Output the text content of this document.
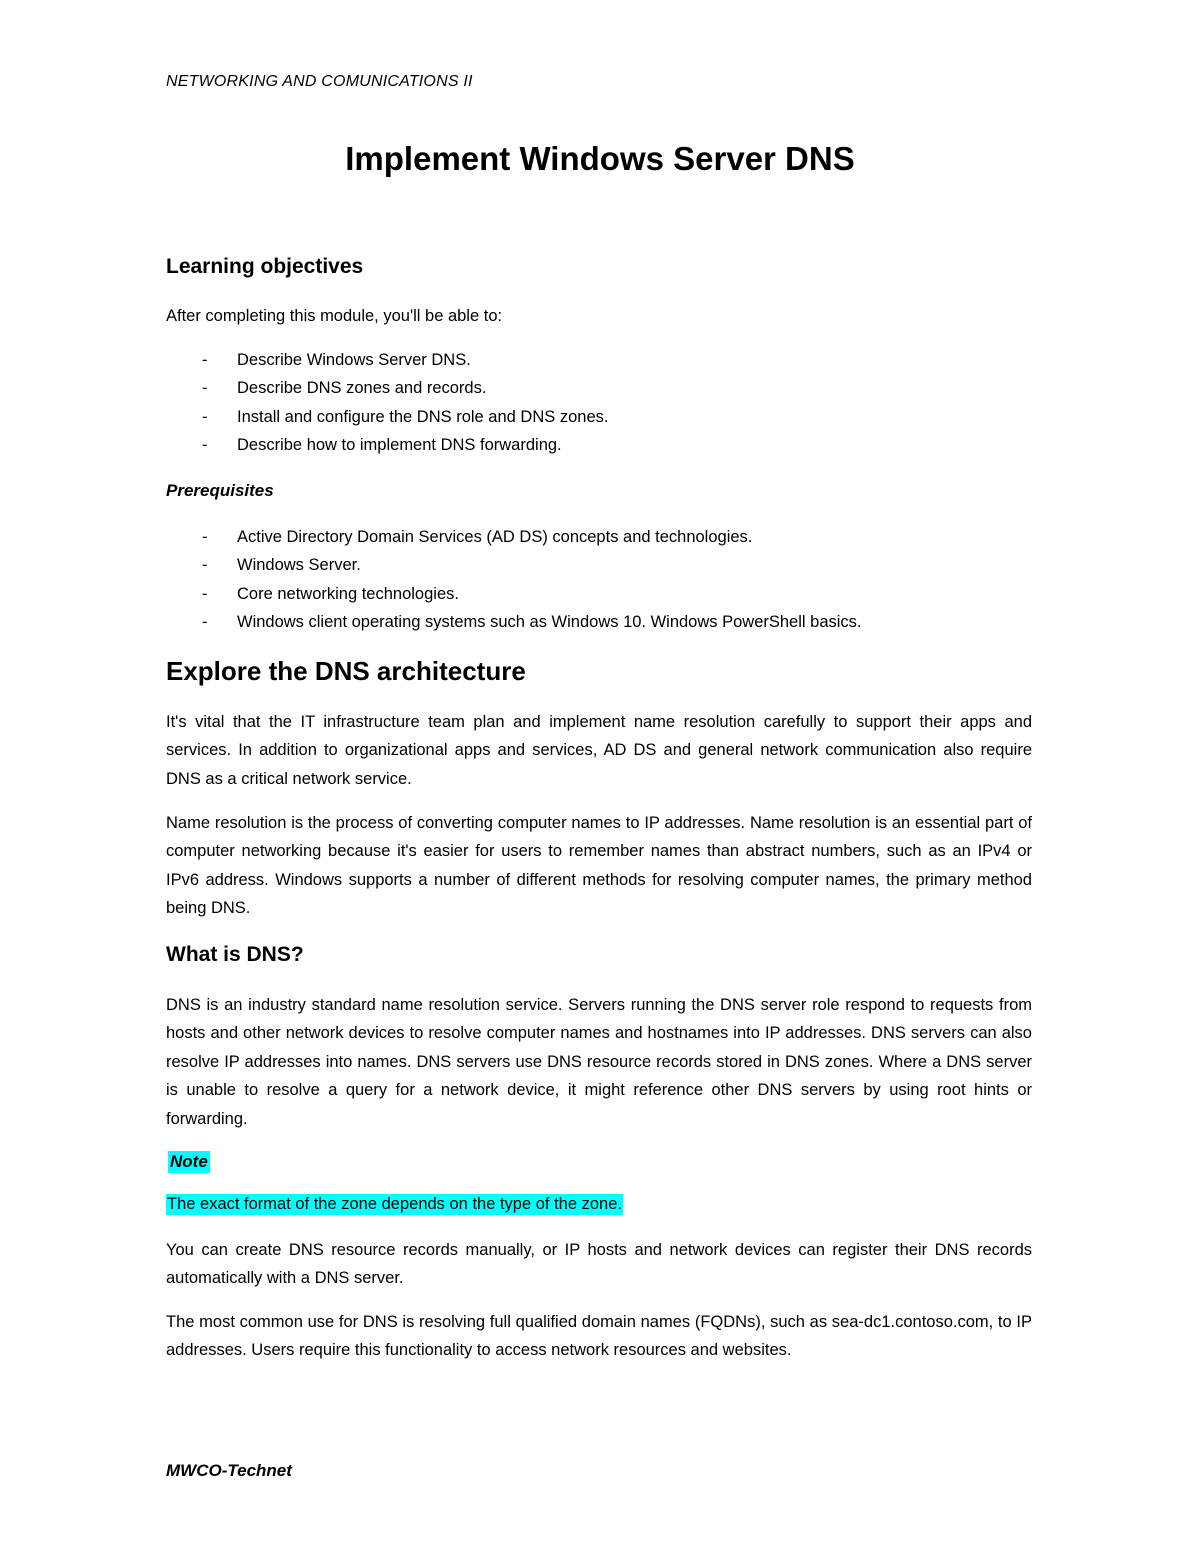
NETWORKING AND COMUNICATIONS II
Implement Windows Server DNS
Learning objectives

After completing this module, you'll be able to:

- Describe Windows Server DNS.
- Describe DNS zones and records.
- Install and configure the DNS role and DNS zones.
- Describe how to implement DNS forwarding.
Prerequisites
- Active Directory Domain Services (AD DS) concepts and technologies.
- Windows Server.
- Core networking technologies.
- Windows client operating systems such as Windows 10. Windows PowerShell basics.
Explore the DNS architecture

It's vital that the IT infrastructure team plan and implement name resolution carefully to support their apps and services. In addition to organizational apps and services, AD DS and general network communication also require DNS as a critical network service.

Name resolution is the process of converting computer names to IP addresses. Name resolution is an essential part of computer networking because it's easier for users to remember names than abstract numbers, such as an IPv4 or IPv6 address. Windows supports a number of different methods for resolving computer names, the primary method being DNS.

What is DNS?

DNS is an industry standard name resolution service. Servers running the DNS server role respond to requests from hosts and other network devices to resolve computer names and hostnames into IP addresses. DNS servers can also resolve IP addresses into names. DNS servers use DNS resource records stored in DNS zones. Where a DNS server is unable to resolve a query for a network device, it might reference other DNS servers by using root hints or forwarding.

Note

The exact format of the zone depends on the type of the zone.

You can create DNS resource records manually, or IP hosts and network devices can register their DNS records automatically with a DNS server.

The most common use for DNS is resolving full qualified domain names (FQDNs), such as sea-dc1.contoso.com, to IP addresses. Users require this functionality to access network resources and websites.

MWCO-Technet
